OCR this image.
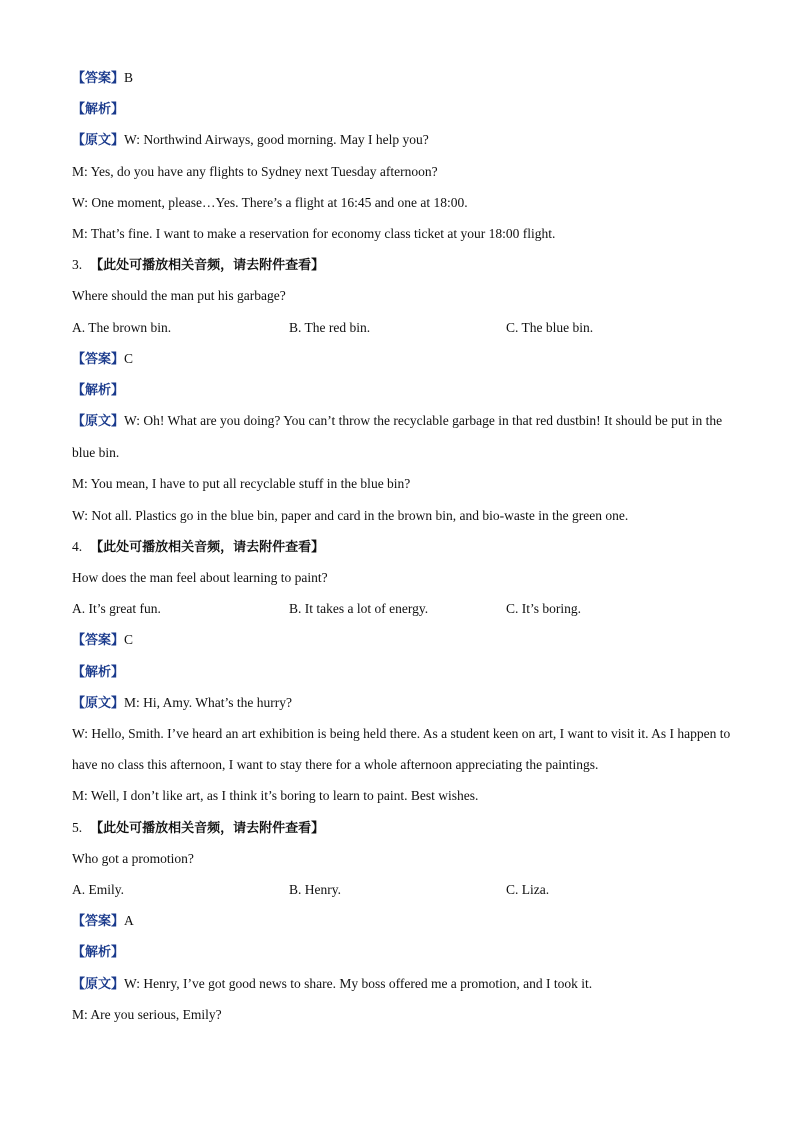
【答案】B
【解析】
【原文】W: Northwind Airways, good morning. May I help you?
M: Yes, do you have any flights to Sydney next Tuesday afternoon?
W: One moment, please…Yes. There’s a flight at 16:45 and one at 18:00.
M: That’s fine. I want to make a reservation for economy class ticket at your 18:00 flight.
3. 【此处可播放相关音频，请去附件查看】
Where should the man put his garbage?
A. The brown bin.	B. The red bin.	C. The blue bin.
【答案】C
【解析】
【原文】W: Oh! What are you doing? You can’t throw the recyclable garbage in that red dustbin! It should be put in the blue bin.
M: You mean, I have to put all recyclable stuff in the blue bin?
W: Not all. Plastics go in the blue bin, paper and card in the brown bin, and bio-waste in the green one.
4. 【此处可播放相关音频，请去附件查看】
How does the man feel about learning to paint?
A. It’s great fun.	B. It takes a lot of energy.	C. It’s boring.
【答案】C
【解析】
【原文】M: Hi, Amy. What’s the hurry?
W: Hello, Smith. I’ve heard an art exhibition is being held there. As a student keen on art, I want to visit it. As I happen to have no class this afternoon, I want to stay there for a whole afternoon appreciating the paintings.
M: Well, I don’t like art, as I think it’s boring to learn to paint. Best wishes.
5. 【此处可播放相关音频，请去附件查看】
Who got a promotion?
A. Emily.	B. Henry.	C. Liza.
【答案】A
【解析】
【原文】W: Henry, I’ve got good news to share. My boss offered me a promotion, and I took it.
M: Are you serious, Emily?
